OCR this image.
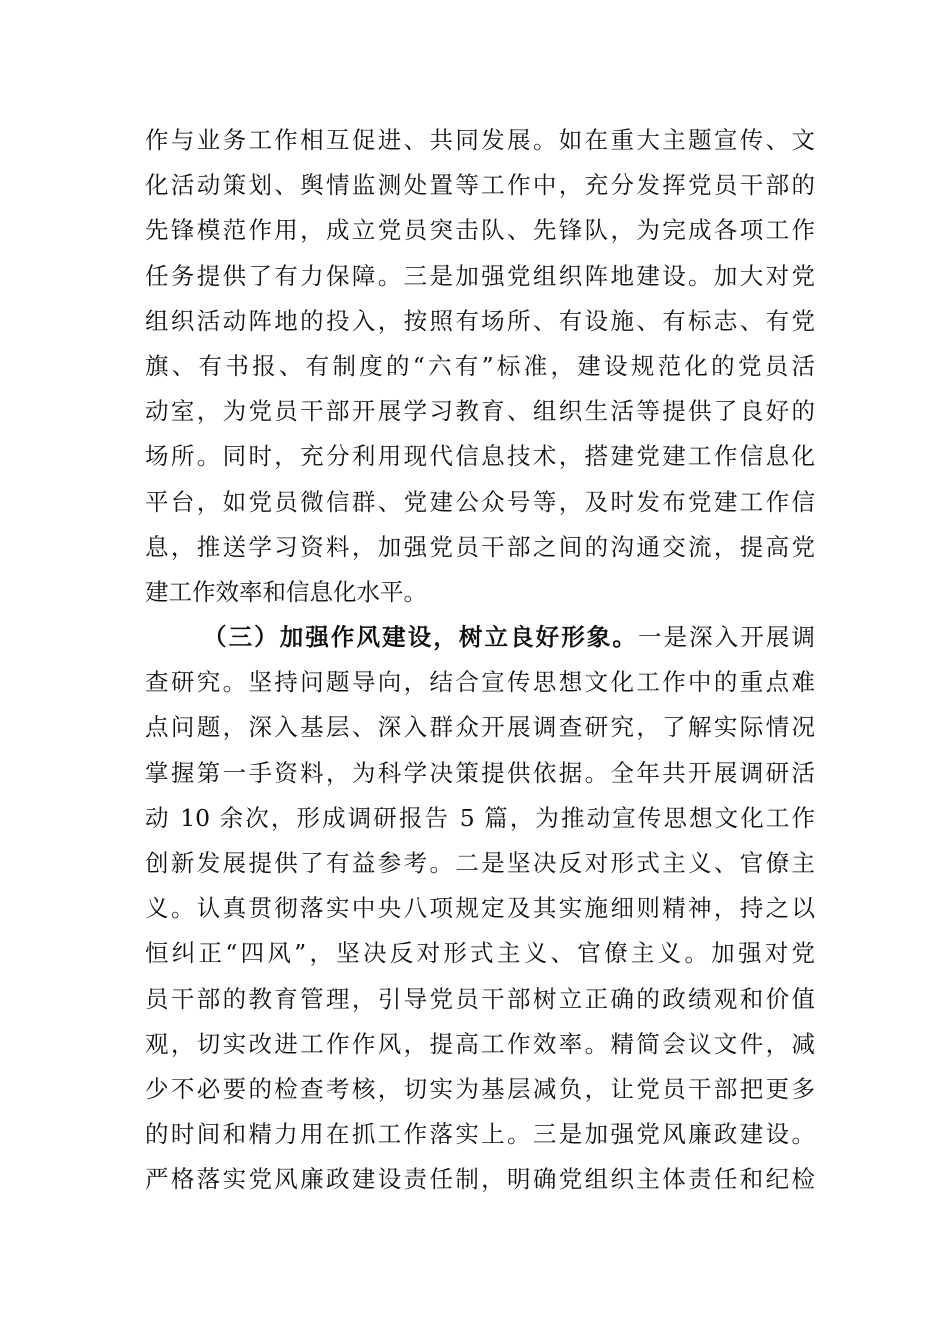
作与业务工作相互促进、共同发展。如在重大主题宣传、文
化活动策划、舆情监测处置等工作中，充分发挥党员干部的
先锋模范作用，成立党员突击队、先锋队，为完成各项工作
任务提供了有力保障。三是加强党组织阵地建设。加大对党
组织活动阵地的投入，按照有场所、有设施、有标志、有党
旗、有书报、有制度的“六有”标准，建设规范化的党员活
动室，为党员干部开展学习教育、组织生活等提供了良好的
场所。同时，充分利用现代信息技术，搭建党建工作信息化
平台，如党员微信群、党建公众号等，及时发布党建工作信
息，推送学习资料，加强党员干部之间的沟通交流，提高党
建工作效率和信息化水平。
（三）加强作风建设，树立良好形象。一是深入开展调
查研究。坚持问题导向，结合宣传思想文化工作中的重点难
点问题，深入基层、深入群众开展调查研究，了解实际情况
掌握第一手资料，为科学决策提供依据。全年共开展调研活
动 10 余次，形成调研报告 5 篇，为推动宣传思想文化工作
创新发展提供了有益参考。二是坚决反对形式主义、官僚主
义。认真贯彻落实中央八项规定及其实施细则精神，持之以
恒纠正“四风”，坚决反对形式主义、官僚主义。加强对党
员干部的教育管理，引导党员干部树立正确的政绩观和价值
观，切实改进工作作风，提高工作效率。精简会议文件，减
少不必要的检查考核，切实为基层减负，让党员干部把更多
的时间和精力用在抓工作落实上。三是加强党风廉政建设。
严格落实党风廉政建设责任制，明确党组织主体责任和纪检
